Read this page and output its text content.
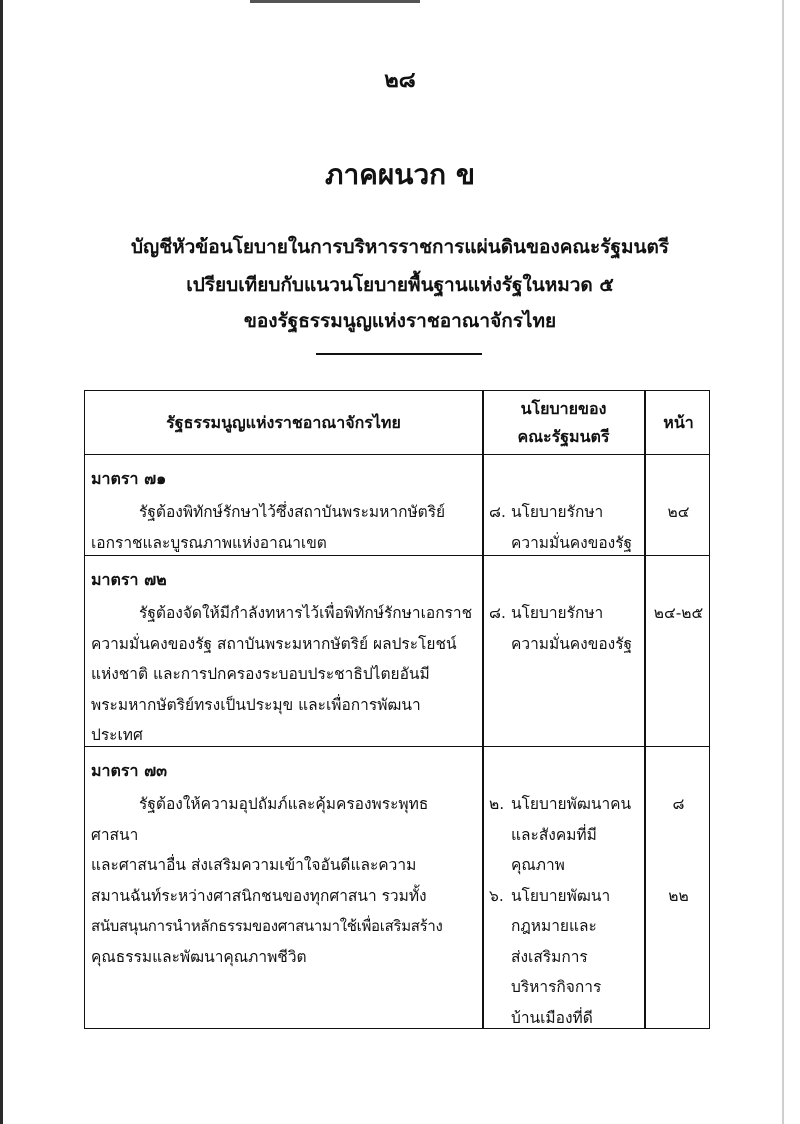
๒๘
ภาคผนวก ข
บัญชีหัวข้อนโยบายในการบริหารราชการแผ่นดินของคณะรัฐมนตรี
เปรียบเทียบกับแนวนโยบายพื้นฐานแห่งรัฐในหมวด ๕
ของรัฐธรรมนูญแห่งราชอาณาจักรไทย
รัฐธรรมนูญแห่งราชอาณาจักรไทย
นโยบายของ
คณะรัฐมนตรี
หน้า
มาตรา ๗๑
รัฐต้องพิทักษ์รักษาไว้ซึ่งสถาบันพระมหากษัตริย์
เอกราชและบูรณภาพแห่งอาณาเขต
๘. นโยบายรักษา
ความมั่นคงของรัฐ
๒๔
มาตรา ๗๒
รัฐต้องจัดให้มีกำลังทหารไว้เพื่อพิทักษ์รักษาเอกราช
ความมั่นคงของรัฐ สถาบันพระมหากษัตริย์ ผลประโยชน์
แห่งชาติ และการปกครองระบอบประชาธิปไตยอันมี
พระมหากษัตริย์ทรงเป็นประมุข และเพื่อการพัฒนา
ประเทศ
๘. นโยบายรักษา
ความมั่นคงของรัฐ
๒๔-๒๕
มาตรา ๗๓
รัฐต้องให้ความอุปถัมภ์และคุ้มครองพระพุทธศาสนา
และศาสนาอื่น ส่งเสริมความเข้าใจอันดีและความ
สมานฉันท์ระหว่างศาสนิกชนของทุกศาสนา รวมทั้ง
สนับสนุนการนำหลักธรรมของศาสนามาใช้เพื่อเสริมสร้าง
คุณธรรมและพัฒนาคุณภาพชีวิต
๒. นโยบายพัฒนาคน
และสังคมที่มี
คุณภาพ
๖. นโยบายพัฒนา
กฎหมายและ
ส่งเสริมการ
บริหารกิจการ
บ้านเมืองที่ดี
๘
๒๒
